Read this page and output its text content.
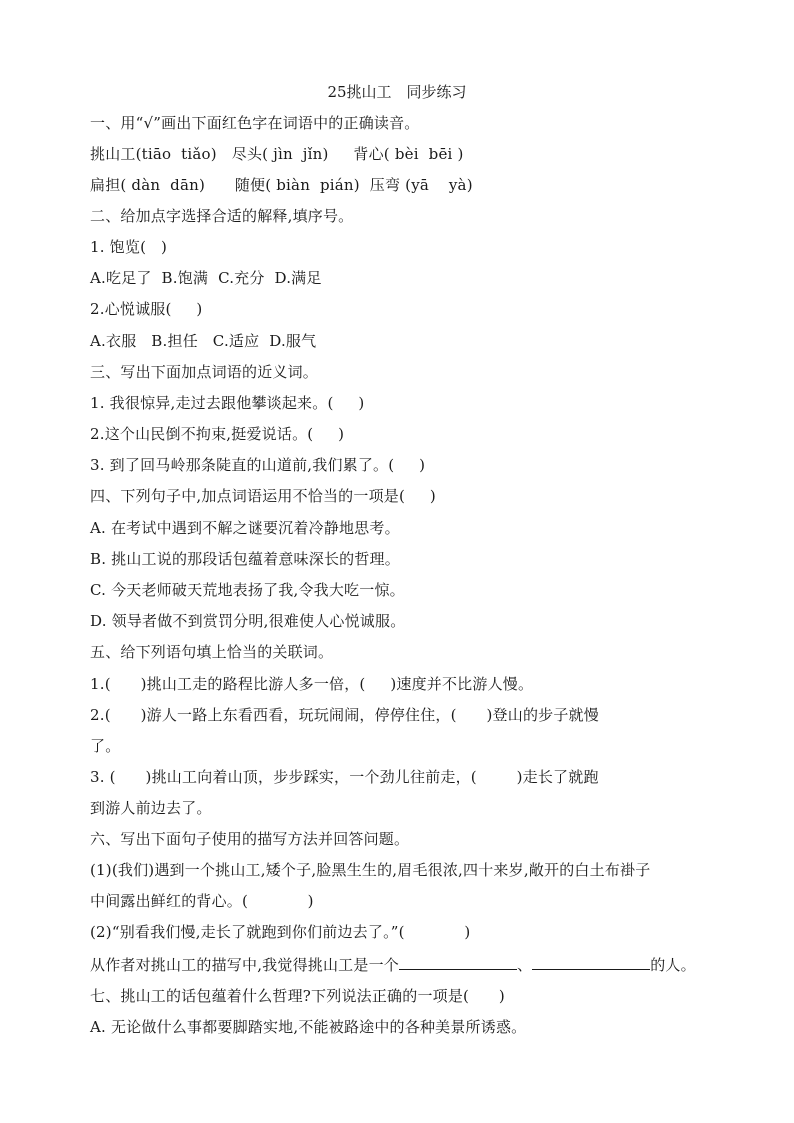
25挑山工　同步练习
一、用“√”画出下面红色字在词语中的正确读音。
挑山工(tiāo  tiǎo)   尽头( jìn  jǐn)     背心( bèi  bēi )
扁担( dàn  dān)      随便( biàn  pián)  压弯 (yā    yà)
二、给加点字选择合适的解释,填序号。
1. 饱览(   )
A.吃足了  B.饱满  C.充分  D.满足
2.心悦诚服(     )
A.衣服   B.担任   C.适应  D.服气
三、写出下面加点词语的近义词。
1. 我很惊异,走过去跟他攀谈起来。(     )
2.这个山民倒不拘束,挺爱说话。(     )
3. 到了回马岭那条陡直的山道前,我们累了。(     )
四、下列句子中,加点词语运用不恰当的一项是(     )
A. 在考试中遇到不解之谜要沉着冷静地思考。
B. 挑山工说的那段话包蕴着意味深长的哲理。
C. 今天老师破天荒地表扬了我,令我大吃一惊。
D. 领导者做不到赏罚分明,很难使人心悦诚服。
五、给下列语句填上恰当的关联词。
1.(      )挑山工走的路程比游人多一倍，(     )速度并不比游人慢。
2.(      )游人一路上东看西看，玩玩闹闹，停停住住，(      )登山的步子就慢
了。
3. (      )挑山工向着山顶，步步踩实，一个劲儿往前走，(        )走长了就跑
到游人前边去了。
六、写出下面句子使用的描写方法并回答问题。
(1)(我们)遇到一个挑山工,矮个子,脸黑生生的,眉毛很浓,四十来岁,敞开的白土布褂子
中间露出鲜红的背心。(            )
(2)“别看我们慢,走长了就跑到你们前边去了。”(            )
从作者对挑山工的描写中,我觉得挑山工是一个	、	的人。
七、挑山工的话包蕴着什么哲理?下列说法正确的一项是(      )
A. 无论做什么事都要脚踏实地,不能被路途中的各种美景所诱惑。
